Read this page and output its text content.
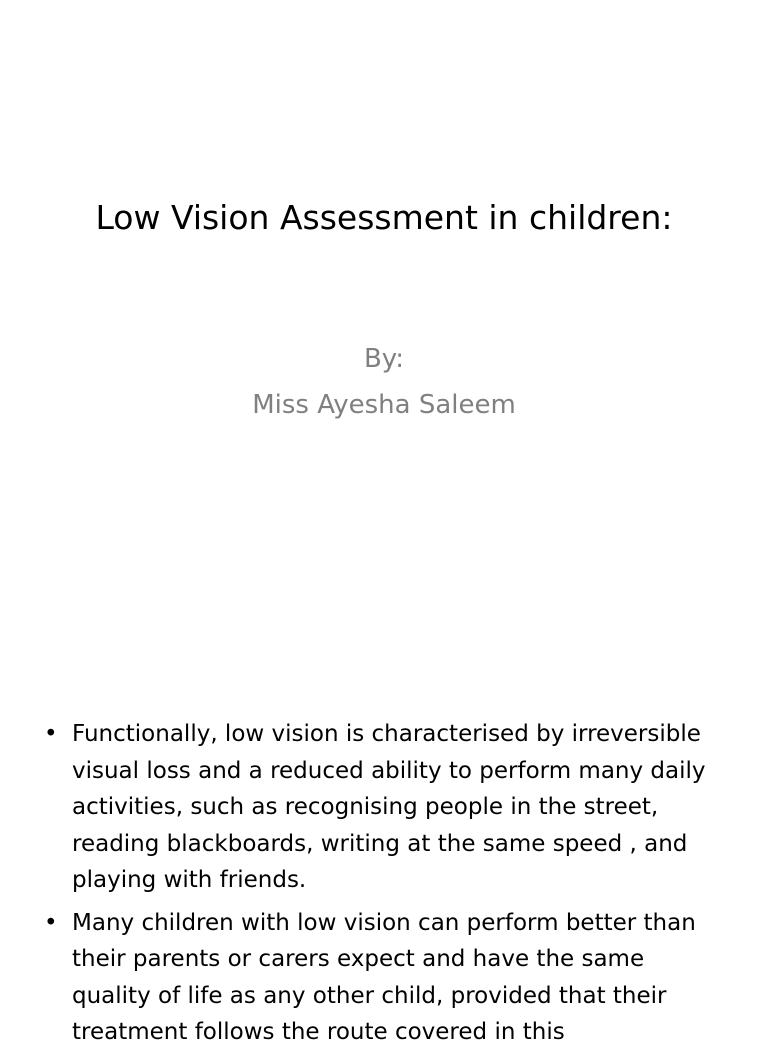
Low Vision Assessment in children:
By:
Miss Ayesha Saleem
• Functionally, low vision is characterised by irreversible visual loss and a reduced ability to perform many daily activities, such as recognising people in the street, reading blackboards, writing at the same speed , and playing with friends.
• Many children with low vision can perform better than their parents or carers expect and have the same quality of life as any other child, provided that their treatment follows the route covered in this
